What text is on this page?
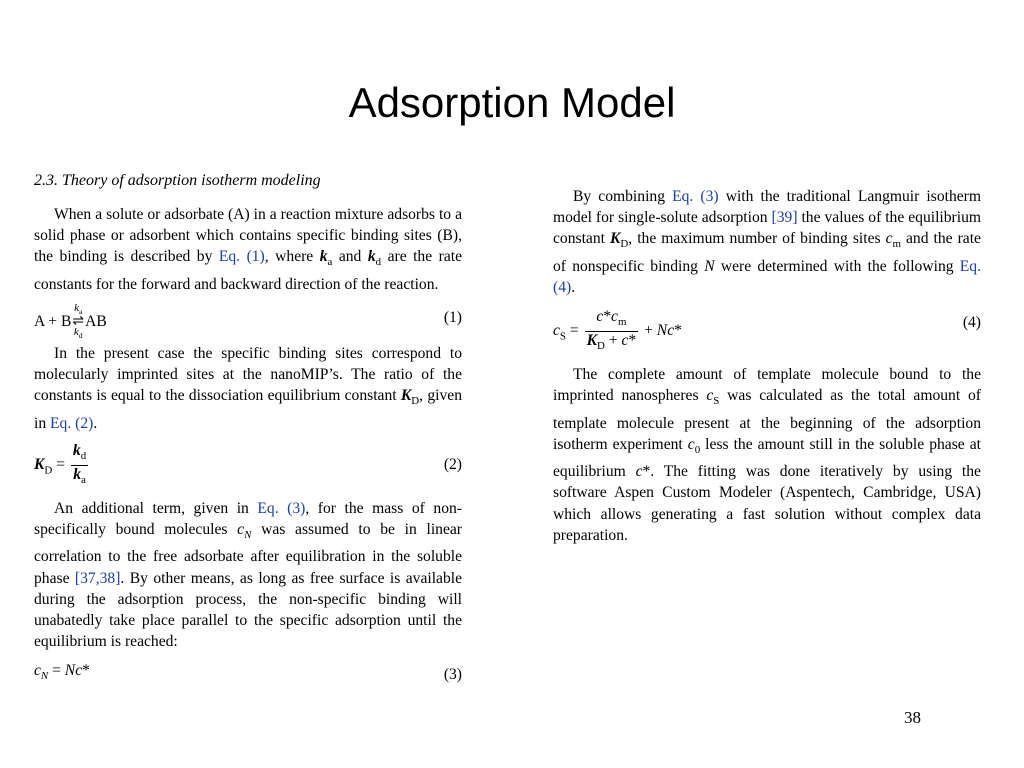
Adsorption Model
2.3. Theory of adsorption isotherm modeling

When a solute or adsorbate (A) in a reaction mixture adsorbs to a solid phase or adsorbent which contains specific binding sites (B), the binding is described by Eq. (1), where $k_a$ and $k_d$ are the rate constants for the forward and backward direction of the reaction.

$A + Bk_a$
⇌
$k_dAB$	(1)

In the present case the specific binding sites correspond to molecularly imprinted sites at the nanoMIP’s. The ratio of the constants is equal to the dissociation equilibrium constant $K_D$, given in Eq. (2).

$K_D = \frac{k_d}{k_a}$	(2)

An additional term, given in Eq. (3), for the mass of non-specifically bound molecules $c_N$ was assumed to be in linear correlation to the free adsorbate after equilibration in the soluble phase [37,38]. By other means, as long as free surface is available during the adsorption process, the non-specific binding will unabatedly take place parallel to the specific adsorption until the equilibrium is reached:

$c_N = Nc*$	(3)

By combining Eq. (3) with the traditional Langmuir isotherm model for single-solute adsorption [39] the values of the equilibrium constant $K_D$, the maximum number of binding sites $c_m$ and the rate of nonspecific binding N were determined with the following Eq. (4).

$c_S = \frac{c*c_m}{K_D + c*} + Nc*$	(4)

The complete amount of template molecule bound to the imprinted nanospheres $c_S$ was calculated as the total amount of template molecule present at the beginning of the adsorption isotherm experiment $c_0$ less the amount still in the soluble phase at equilibrium c*. The fitting was done iteratively by using the software Aspen Custom Modeler (Aspentech, Cambridge, USA) which allows generating a fast solution without complex data preparation.

38
